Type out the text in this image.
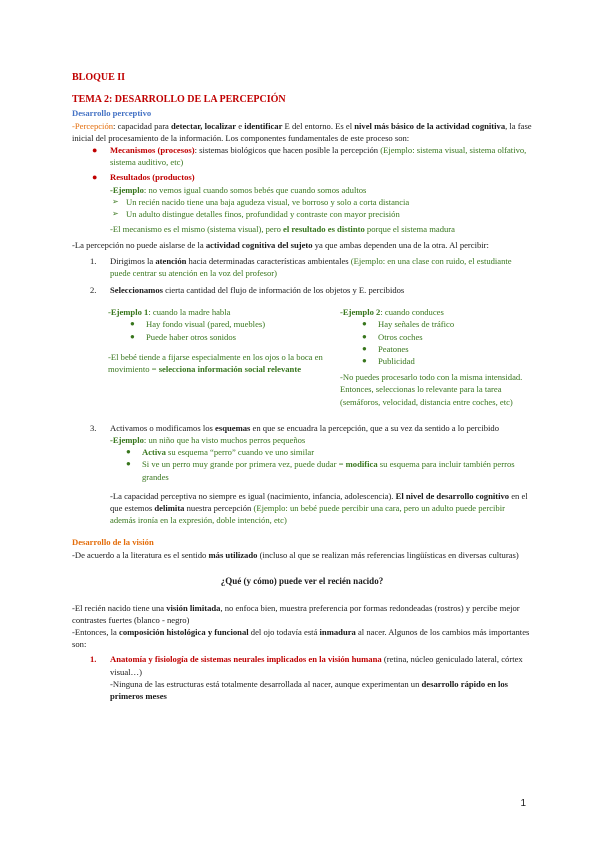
BLOQUE II

TEMA 2: DESARROLLO DE LA PERCEPCIÓN

Desarrollo perceptivo

-Percepción: capacidad para detectar, localizar e identificar E del entorno. Es el nivel más básico de la actividad cognitiva, la fase inicial del procesamiento de la información. Los componentes fundamentales de este proceso son:

● Mecanismos (procesos): sistemas biológicos que hacen posible la percepción (Ejemplo: sistema visual, sistema olfativo, sistema auditivo, etc)

● Resultados (productos)

-Ejemplo: no vemos igual cuando somos bebés que cuando somos adultos

➢ Un recién nacido tiene una baja agudeza visual, ve borroso y solo a corta distancia

➢ Un adulto distingue detalles finos, profundidad y contraste con mayor precisión

-El mecanismo es el mismo (sistema visual), pero el resultado es distinto porque el sistema madura

-La percepción no puede aislarse de la actividad cognitiva del sujeto ya que ambas dependen una de la otra. Al percibir:

1. Dirigimos la atención hacia determinadas características ambientales (Ejemplo: en una clase con ruido, el estudiante puede centrar su atención en la voz del profesor)

2. Seleccionamos cierta cantidad del flujo de información de los objetos y E. percibidos

-Ejemplo 1: cuando la madre habla

● Hay fondo visual (pared, muebles)

● Puede haber otros sonidos

-El bebé tiende a fijarse especialmente en los ojos o la boca en movimiento = selecciona información social relevante

-Ejemplo 2: cuando conduces

● Hay señales de tráfico

● Otros coches

● Peatones

● Publicidad

-No puedes procesarlo todo con la misma intensidad. Entonces, seleccionas lo relevante para la tarea (semáforos, velocidad, distancia entre coches, etc)

3. Activamos o modificamos los esquemas en que se encuadra la percepción, que a su vez da sentido a lo percibido

-Ejemplo: un niño que ha visto muchos perros pequeños

● Activa su esquema “perro” cuando ve uno similar

● Si ve un perro muy grande por primera vez, puede dudar = modifica su esquema para incluir también perros grandes

-La capacidad perceptiva no siempre es igual (nacimiento, infancia, adolescencia). El nivel de desarrollo cognitivo en el que estemos delimita nuestra percepción (Ejemplo: un bebé puede percibir una cara, pero un adulto puede percibir además ironía en la expresión, doble intención, etc)

Desarrollo de la visión

-De acuerdo a la literatura es el sentido más utilizado (incluso al que se realizan más referencias lingüísticas en diversas culturas)

¿Qué (y cómo) puede ver el recién nacido?

-El recién nacido tiene una visión limitada, no enfoca bien, muestra preferencia por formas redondeadas (rostros) y percibe mejor contrastes fuertes (blanco - negro)

-Entonces, la composición histológica y funcional del ojo todavía está inmadura al nacer. Algunos de los cambios más importantes son:

1. Anatomía y fisiología de sistemas neurales implicados en la visión humana (retina, núcleo geniculado lateral, córtex visual…)

-Ninguna de las estructuras está totalmente desarrollada al nacer, aunque experimentan un desarrollo rápido en los primeros meses

1
